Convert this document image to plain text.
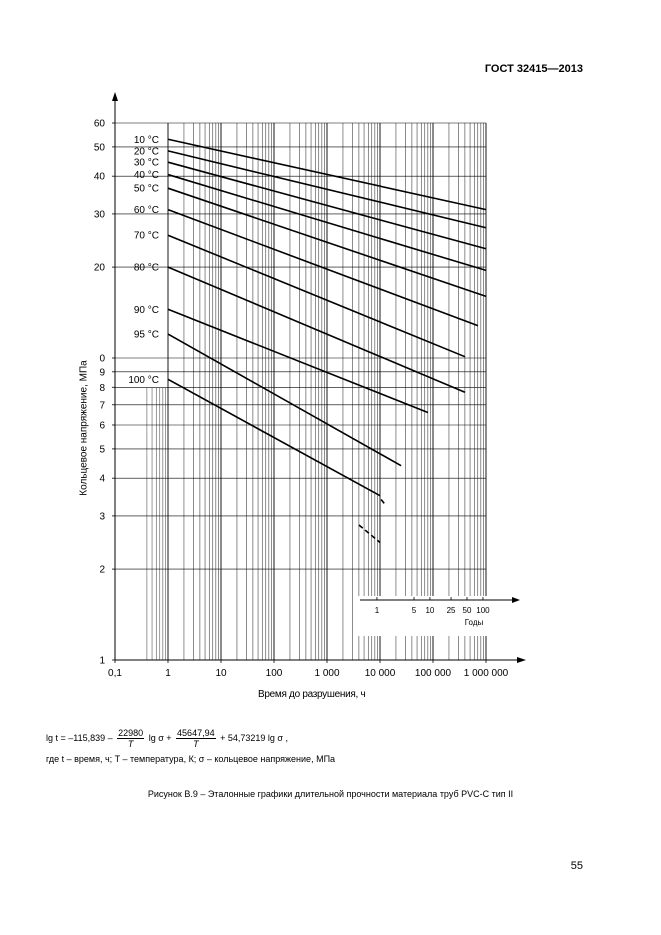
ГОСТ 32415—2013
0,1	1	10	100	1 000	10 000 100 000 1 000 000
1
2
3
4
5
6
7
8
9
0
20
30
40
50
60
10 °C
20 °C
30 °C
40 °C
50 °C
60 °C
70 °C
80 °C
90 °C
95 °C
100 °C
1	5 10 25 50 100
Годы
Кольцевое напряжение, МПа
Время до разрушения, ч
$\lg t = -115,839 - \frac{22980}{T}$ $\lg \sigma + \frac{45647,94}{T} + 54,73219$ lg σ ,
где t – время, ч; T – температура, К; σ – кольцевое напряжение, МПа
Рисунок В.9 – Эталонные графики длительной прочности материала труб PVC-С тип II
55
